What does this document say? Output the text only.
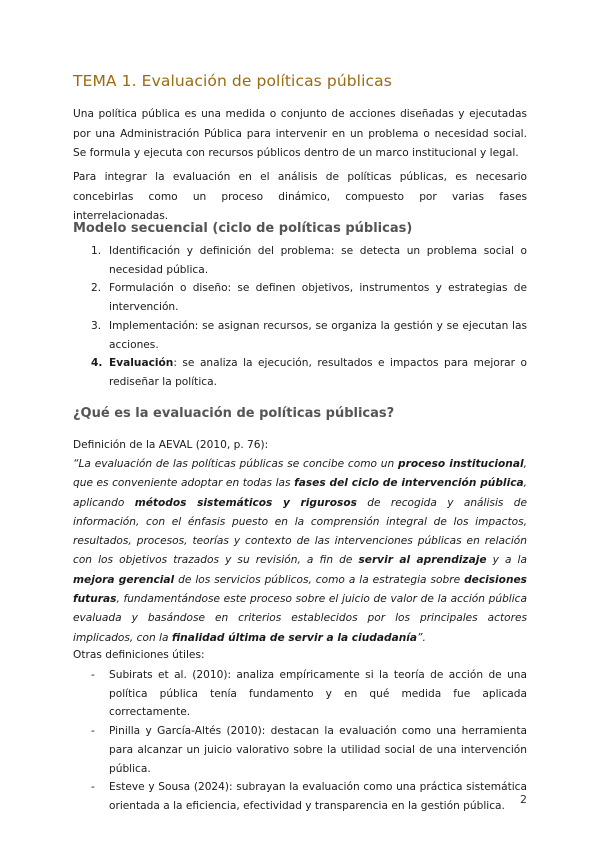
TEMA 1. Evaluación de políticas públicas

Una política pública es una medida o conjunto de acciones diseñadas y ejecutadas por una Administración Pública para intervenir en un problema o necesidad social. Se formula y ejecuta con recursos públicos dentro de un marco institucional y legal.

Para integrar la evaluación en el análisis de políticas públicas, es necesario concebirlas como un proceso dinámico, compuesto por varias fases interrelacionadas.

Modelo secuencial (ciclo de políticas públicas)
1. Identificación y definición del problema: se detecta un problema social o necesidad pública.
2. Formulación o diseño: se definen objetivos, instrumentos y estrategias de intervención.
3. Implementación: se asignan recursos, se organiza la gestión y se ejecutan las acciones.
4. Evaluación: se analiza la ejecución, resultados e impactos para mejorar o rediseñar la política.
¿Qué es la evaluación de políticas públicas?

Definición de la AEVAL (2010, p. 76):

“La evaluación de las políticas públicas se concibe como un proceso institucional, que es conveniente adoptar en todas las fases del ciclo de intervención pública, aplicando métodos sistemáticos y rigurosos de recogida y análisis de información, con el énfasis puesto en la comprensión integral de los impactos, resultados, procesos, teorías y contexto de las intervenciones públicas en relación con los objetivos trazados y su revisión, a fin de servir al aprendizaje y a la mejora gerencial de los servicios públicos, como a la estrategia sobre decisiones futuras, fundamentándose este proceso sobre el juicio de valor de la acción pública evaluada y basándose en criterios establecidos por los principales actores implicados, con la finalidad última de servir a la ciudadanía”.

Otras definiciones útiles:

- Subirats et al. (2010): analiza empíricamente si la teoría de acción de una política pública tenía fundamento y en qué medida fue aplicada correctamente.
- Pinilla y García-Altés (2010): destacan la evaluación como una herramienta para alcanzar un juicio valorativo sobre la utilidad social de una intervención pública.
- Esteve y Sousa (2024): subrayan la evaluación como una práctica sistemática orientada a la eficiencia, efectividad y transparencia en la gestión pública.	2
